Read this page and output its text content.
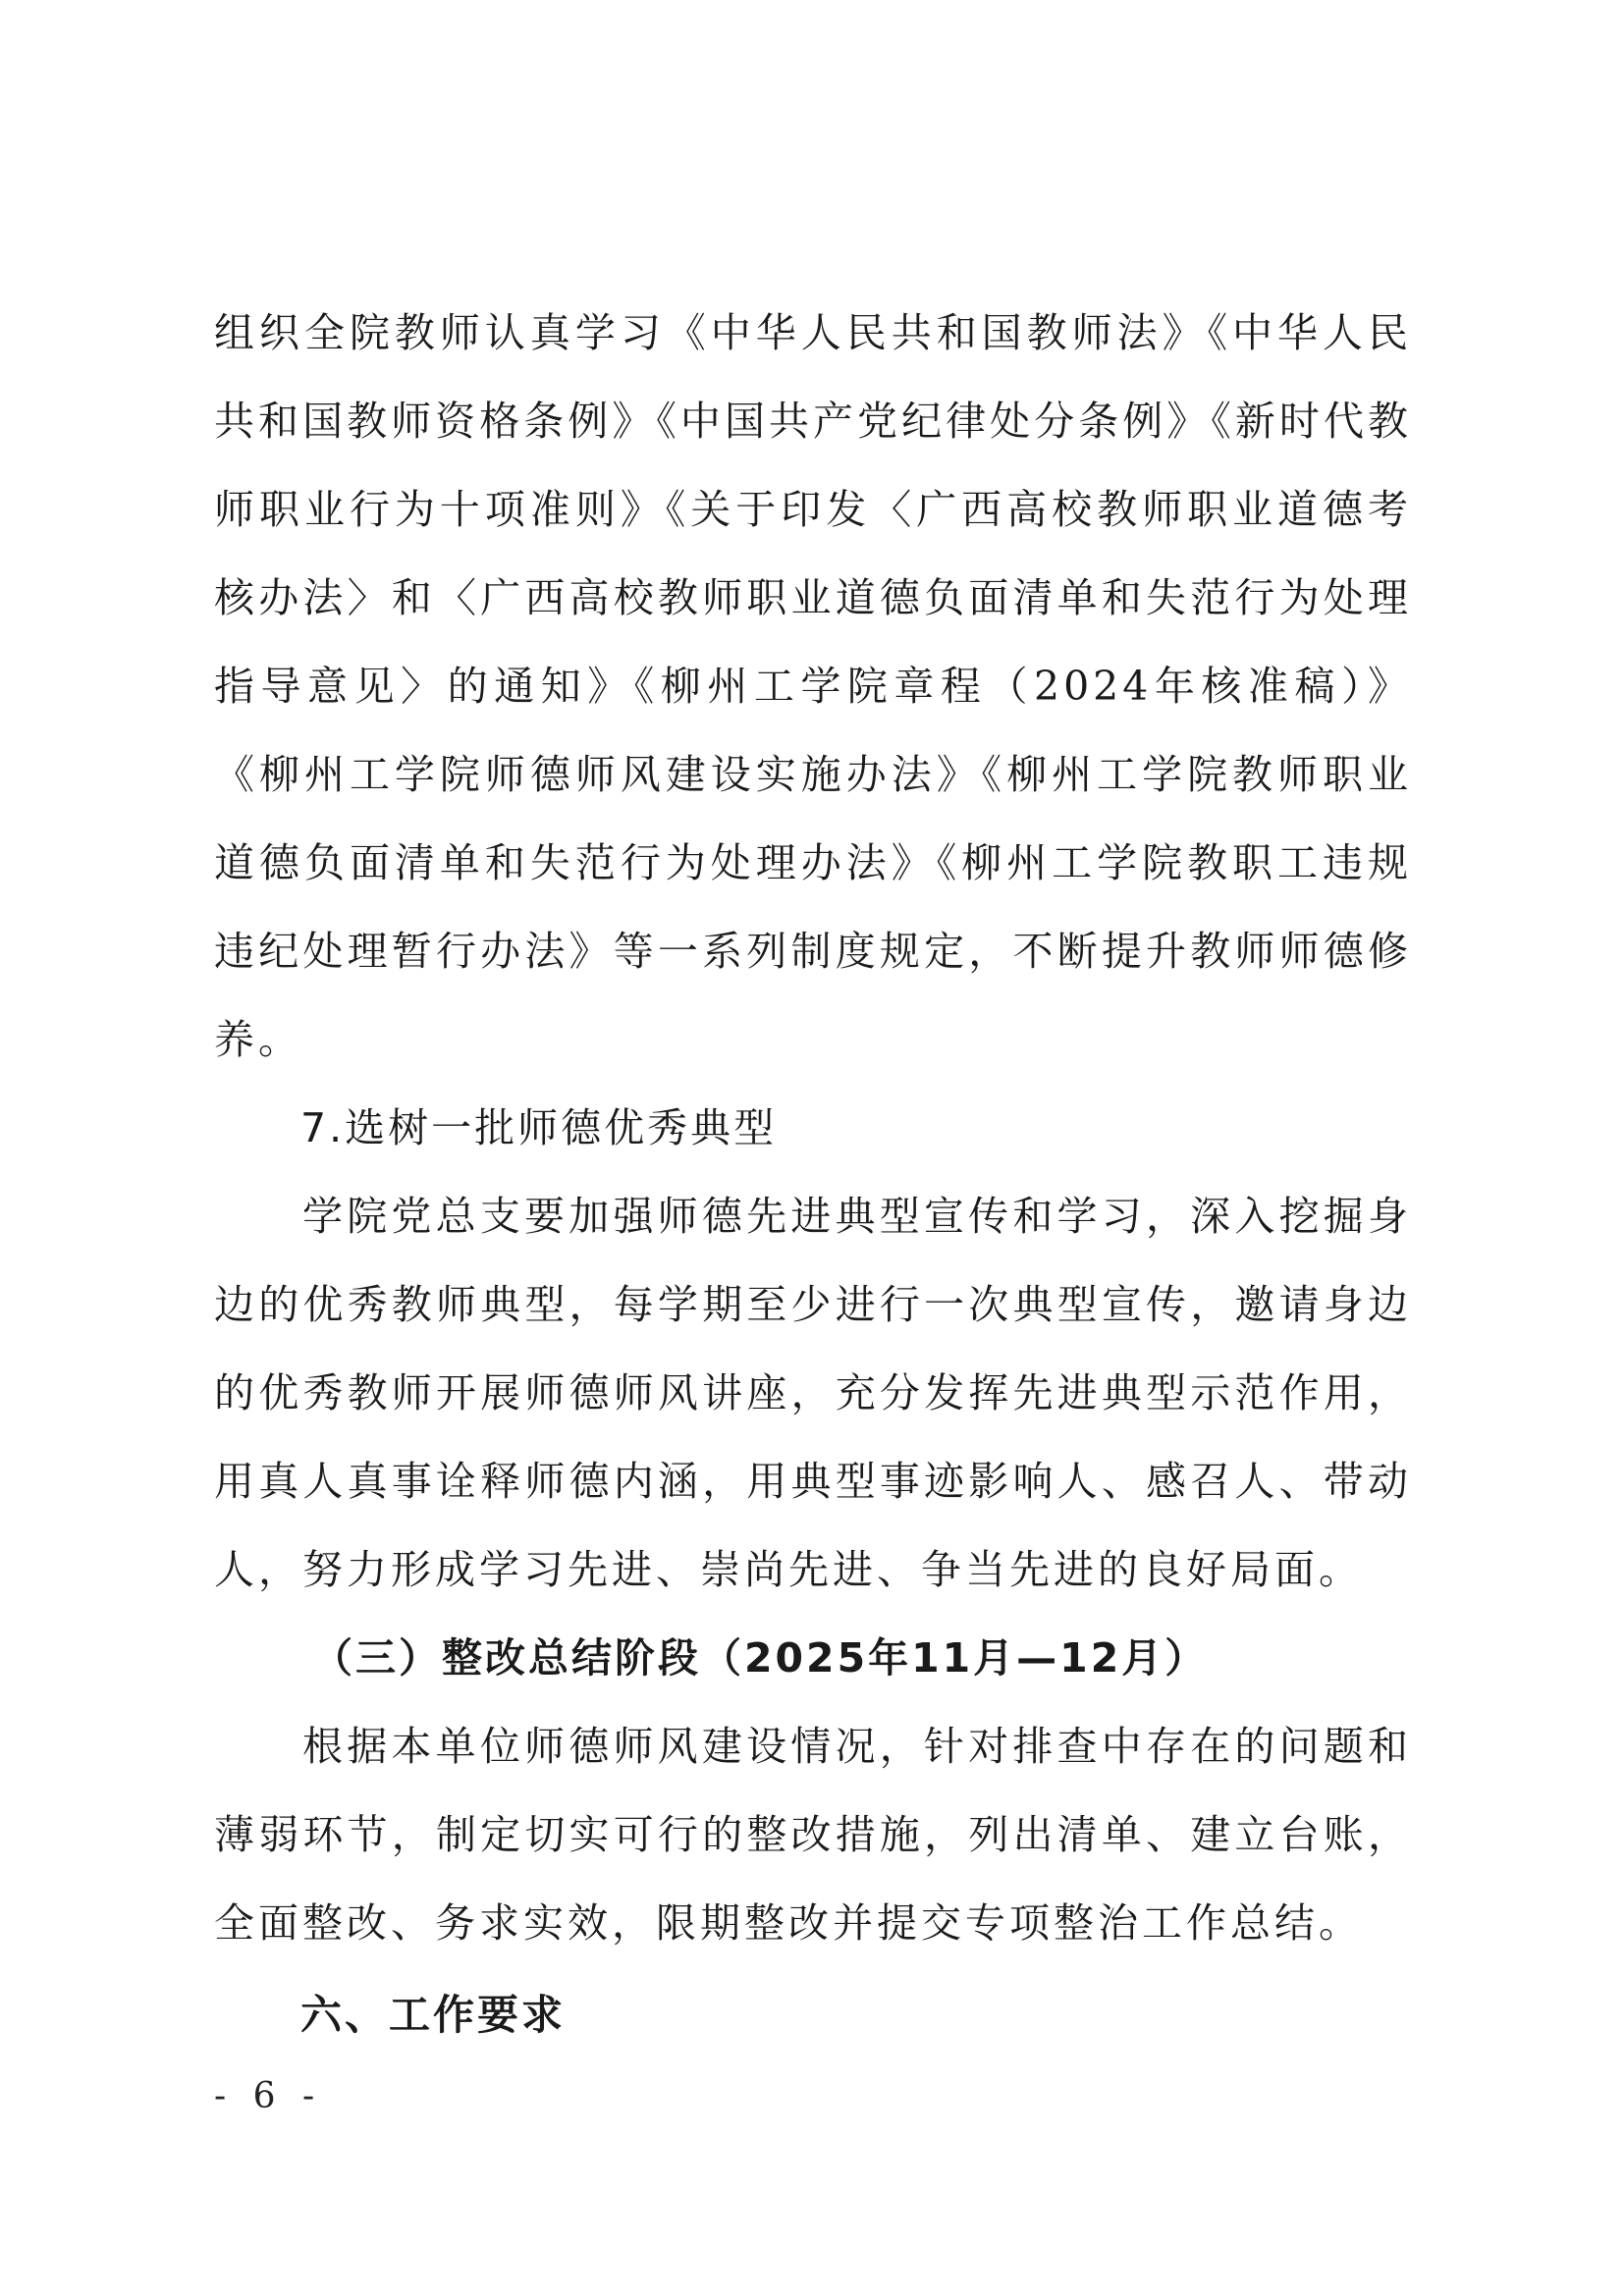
组织全院教师认真学习《中华人民共和国教师法》《中华人民共和国教师资格条例》《中国共产党纪律处分条例》《新时代教师职业行为十项准则》《关于印发〈广西高校教师职业道德考核办法〉和〈广西高校教师职业道德负面清单和失范行为处理指导意见〉的通知》《柳州工学院章程（2024年核准稿）》《柳州工学院师德师风建设实施办法》《柳州工学院教师职业道德负面清单和失范行为处理办法》《柳州工学院教职工违规违纪处理暂行办法》等一系列制度规定，不断提升教师师德修养。

7.选树一批师德优秀典型

学院党总支要加强师德先进典型宣传和学习，深入挖掘身边的优秀教师典型，每学期至少进行一次典型宣传，邀请身边的优秀教师开展师德师风讲座，充分发挥先进典型示范作用，用真人真事诠释师德内涵，用典型事迹影响人、感召人、带动人，努力形成学习先进、崇尚先进、争当先进的良好局面。

（三）整改总结阶段（2025年11月—12月）

根据本单位师德师风建设情况，针对排查中存在的问题和薄弱环节，制定切实可行的整改措施，列出清单、建立台账，全面整改、务求实效，限期整改并提交专项整治工作总结。

六、工作要求

- 6 -
